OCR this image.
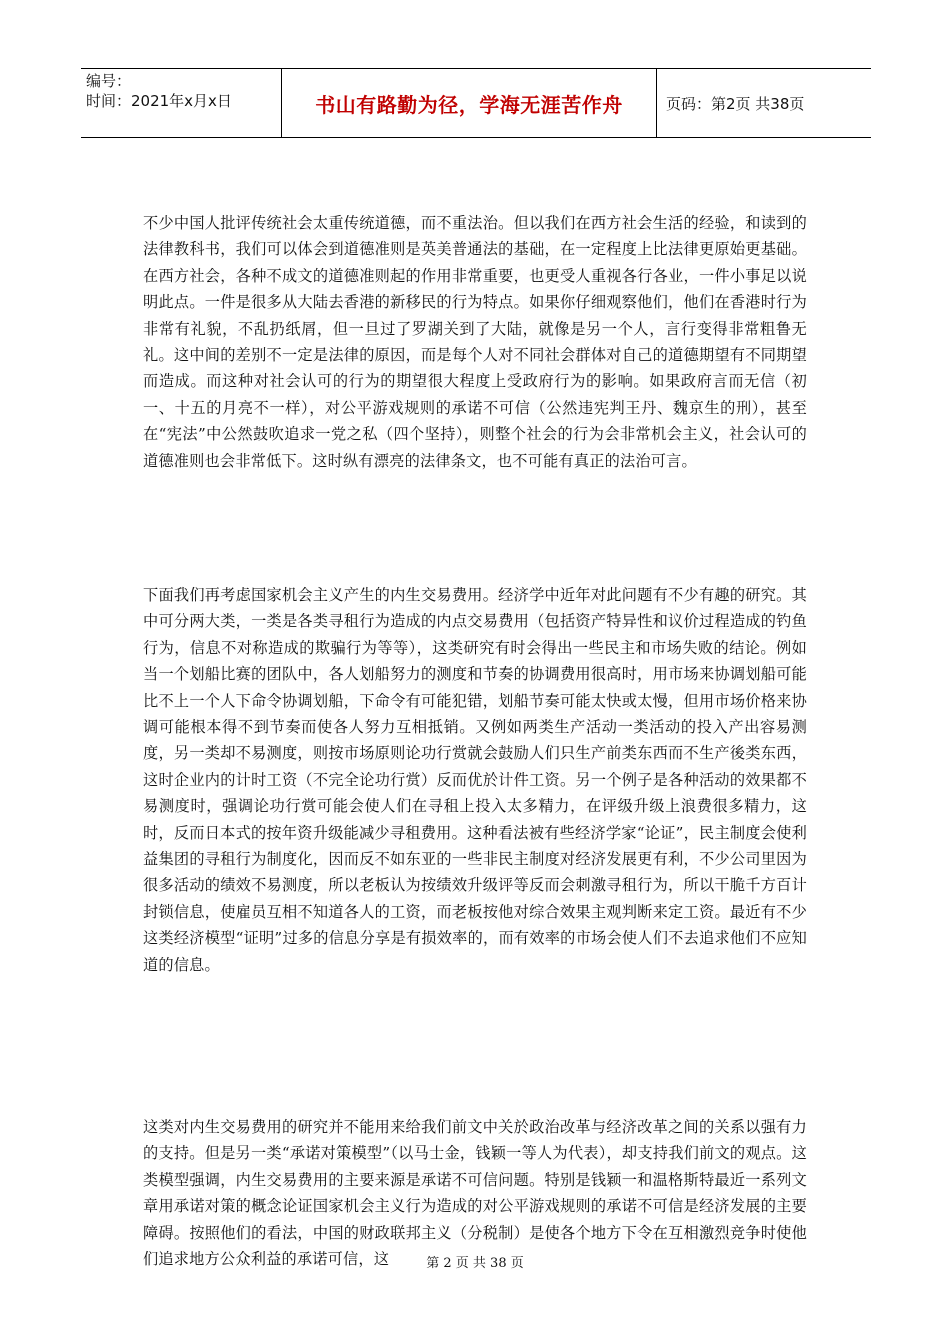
编号：
时间：2021年x月x日	书山有路勤为径，学海无涯苦作舟	页码：第2页 共38页

不少中国人批评传统社会太重传统道德，而不重法治。但以我们在西方社会生活的经验，和读到的法律教科书，我们可以体会到道德准则是英美普通法的基础，在一定程度上比法律更原始更基础。在西方社会，各种不成文的道德准则起的作用非常重要，也更受人重视各行各业，一件小事足以说明此点。一件是很多从大陆去香港的新移民的行为特点。如果你仔细观察他们，他们在香港时行为非常有礼貌，不乱扔纸屑，但一旦过了罗湖关到了大陆，就像是另一个人，言行变得非常粗鲁无礼。这中间的差别不一定是法律的原因，而是每个人对不同社会群体对自己的道德期望有不同期望而造成。而这种对社会认可的行为的期望很大程度上受政府行为的影响。如果政府言而无信（初一、十五的月亮不一样），对公平游戏规则的承诺不可信（公然违宪判王丹、魏京生的刑），甚至在“宪法”中公然鼓吹追求一党之私（四个坚持），则整个社会的行为会非常机会主义，社会认可的道德准则也会非常低下。这时纵有漂亮的法律条文，也不可能有真正的法治可言。

下面我们再考虑国家机会主义产生的内生交易费用。经济学中近年对此问题有不少有趣的研究。其中可分两大类，一类是各类寻租行为造成的内点交易费用（包括资产特异性和议价过程造成的钓鱼行为，信息不对称造成的欺骗行为等等），这类研究有时会得出一些民主和市场失败的结论。例如当一个划船比赛的团队中，各人划船努力的测度和节奏的协调费用很高时，用市场来协调划船可能比不上一个人下命令协调划船，下命令有可能犯错，划船节奏可能太快或太慢，但用市场价格来协调可能根本得不到节奏而使各人努力互相抵销。又例如两类生产活动一类活动的投入产出容易测度，另一类却不易测度，则按市场原则论功行赏就会鼓励人们只生产前类东西而不生产後类东西，这时企业内的计时工资（不完全论功行赏）反而优於计件工资。另一个例子是各种活动的效果都不易测度时，强调论功行赏可能会使人们在寻租上投入太多精力，在评级升级上浪费很多精力，这时，反而日本式的按年资升级能减少寻租费用。这种看法被有些经济学家“论证”，民主制度会使利益集团的寻租行为制度化，因而反不如东亚的一些非民主制度对经济发展更有利，不少公司里因为很多活动的绩效不易测度，所以老板认为按绩效升级评等反而会刺激寻租行为，所以干脆千方百计封锁信息，使雇员互相不知道各人的工资，而老板按他对综合效果主观判断来定工资。最近有不少这类经济模型“证明”过多的信息分享是有损效率的，而有效率的市场会使人们不去追求他们不应知道的信息。

这类对内生交易费用的研究并不能用来给我们前文中关於政治改革与经济改革之间的关系以强有力的支持。但是另一类“承诺对策模型”（以马士金，钱颖一等人为代表），却支持我们前文的观点。这类模型强调，内生交易费用的主要来源是承诺不可信问题。特别是钱颖一和温格斯特最近一系列文章用承诺对策的概念论证国家机会主义行为造成的对公平游戏规则的承诺不可信是经济发展的主要障碍。按照他们的看法，中国的财政联邦主义（分税制）是使各个地方下令在互相激烈竞争时使他们追求地方公众利益的承诺可信，这	第 2 页 共 38 页
